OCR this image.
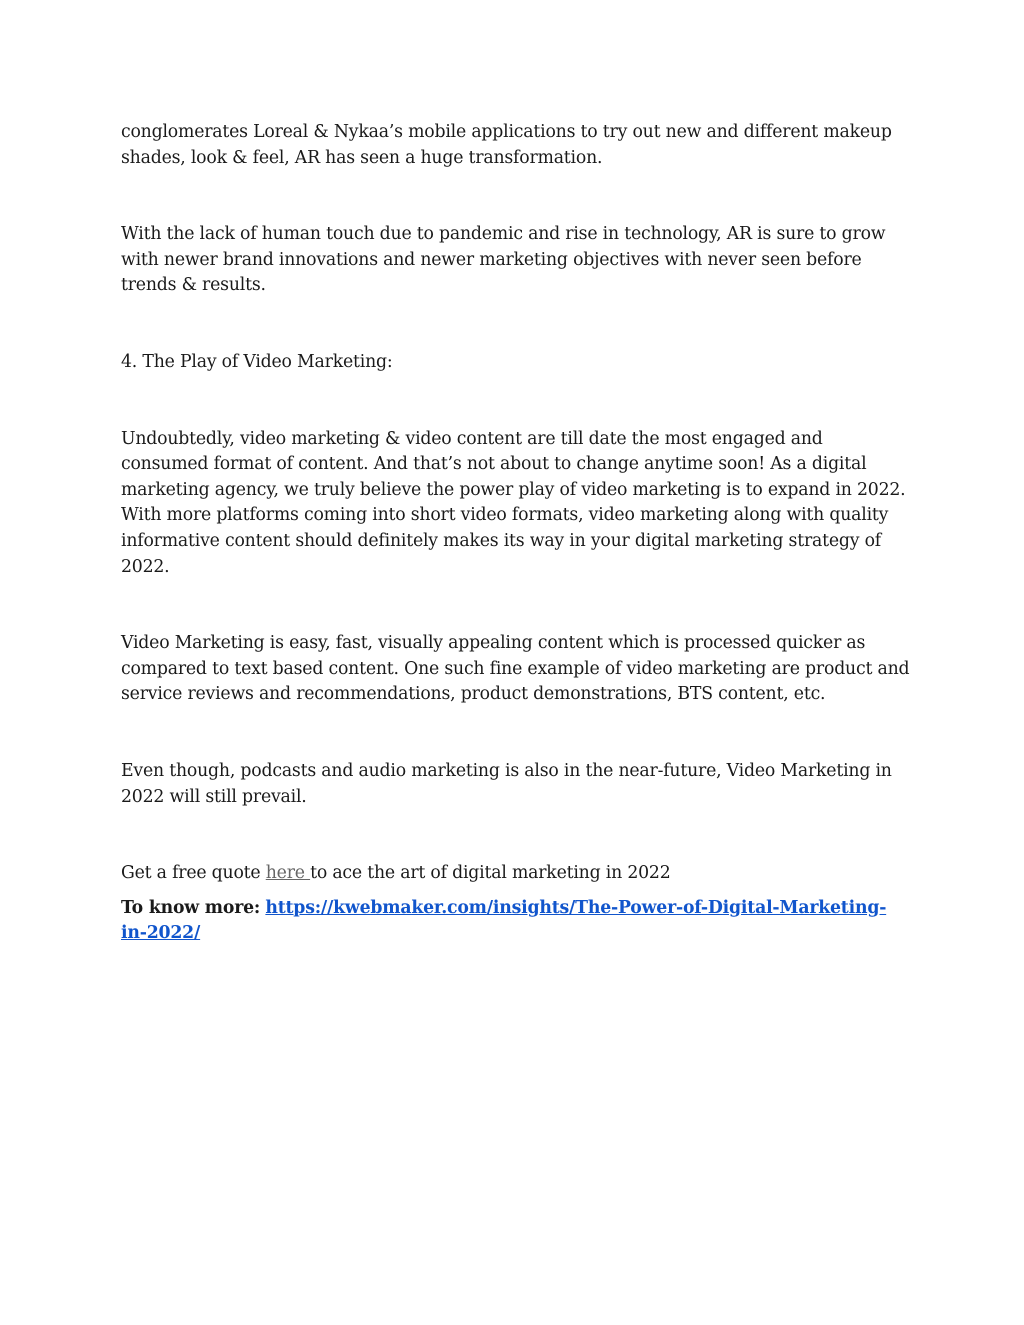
conglomerates Loreal & Nykaa’s mobile applications to try out new and different makeup shades, look & feel, AR has seen a huge transformation.

With the lack of human touch due to pandemic and rise in technology, AR is sure to grow with newer brand innovations and newer marketing objectives with never seen before trends & results.

4. The Play of Video Marketing:

Undoubtedly, video marketing & video content are till date the most engaged and consumed format of content. And that’s not about to change anytime soon! As a digital marketing agency, we truly believe the power play of video marketing is to expand in 2022. With more platforms coming into short video formats, video marketing along with quality informative content should definitely makes its way in your digital marketing strategy of 2022.

Video Marketing is easy, fast, visually appealing content which is processed quicker as compared to text based content. One such fine example of video marketing are product and service reviews and recommendations, product demonstrations, BTS content, etc.

Even though, podcasts and audio marketing is also in the near-future, Video Marketing in 2022 will still prevail.

Get a free quote here to ace the art of digital marketing in 2022

To know more: https://kwebmaker.com/insights/The-Power-of-Digital-Marketing-in-2022/
